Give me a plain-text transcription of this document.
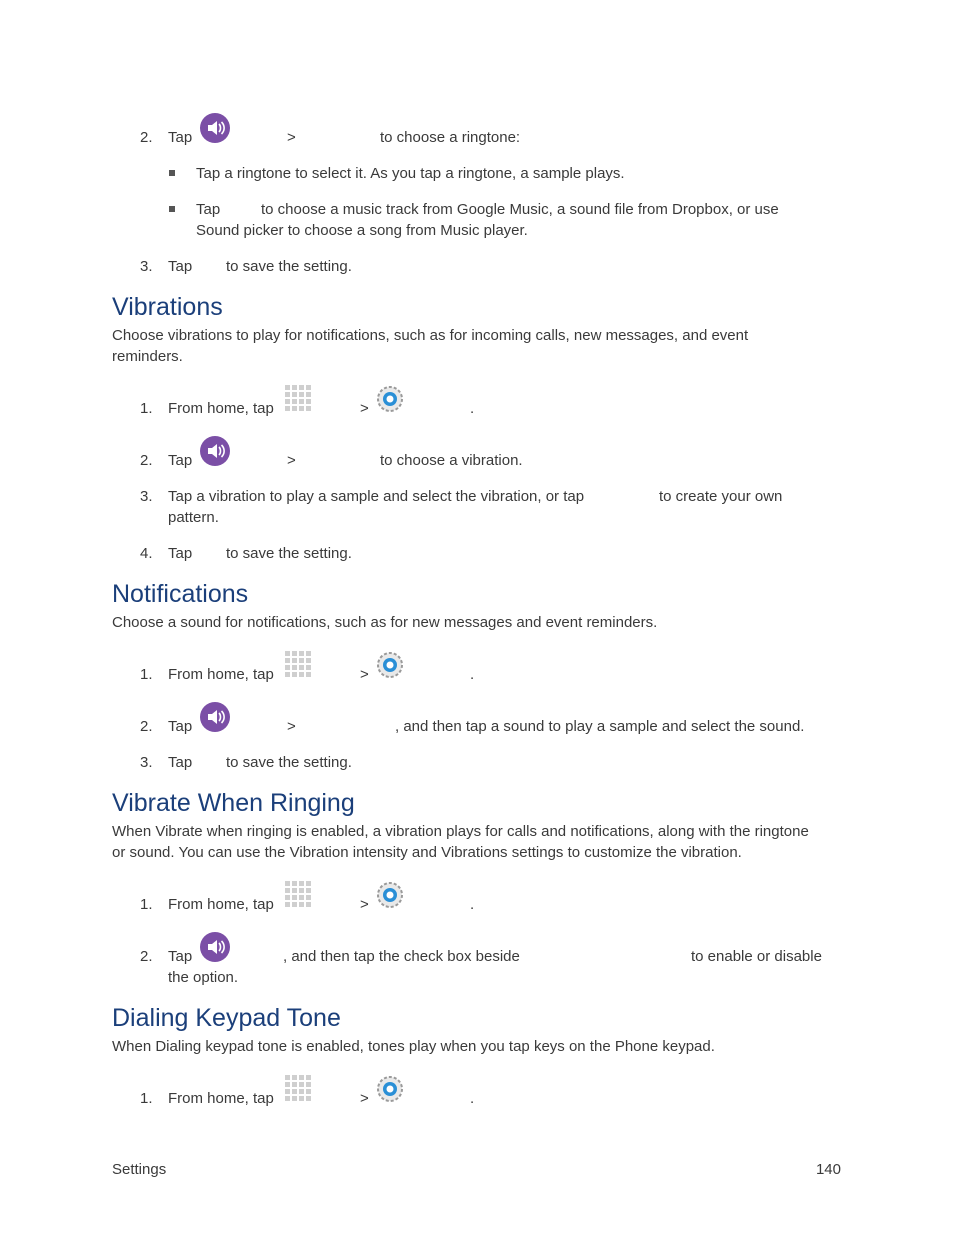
2. Tap	>	to choose a ringtone:
Tap a ringtone to select it. As you tap a ringtone, a sample plays.
Tap	to choose a music track from Google Music, a sound file from Dropbox, or use
Sound picker to choose a song from Music player.
3. Tap to save the setting.
Vibrations
Choose vibrations to play for notifications, such as for incoming calls, new messages, and event
reminders.
1. From home, tap	>	.
2. Tap	>	to choose a vibration.
3. Tap a vibration to play a sample and select the vibration, or tap	to create your own
pattern.
4. Tap to save the setting.
Notifications
Choose a sound for notifications, such as for new messages and event reminders.
1. From home, tap	>	.
2. Tap	>	, and then tap a sound to play a sample and select the sound.
3. Tap to save the setting.
Vibrate When Ringing
When Vibrate when ringing is enabled, a vibration plays for calls and notifications, along with the ringtone
or sound. You can use the Vibration intensity and Vibrations settings to customize the vibration.
1. From home, tap	>	.
2. Tap	, and then tap the check box beside	to enable or disable
the option.
Dialing Keypad Tone
When Dialing keypad tone is enabled, tones play when you tap keys on the Phone keypad.
1. From home, tap	>	.
Settings	140
